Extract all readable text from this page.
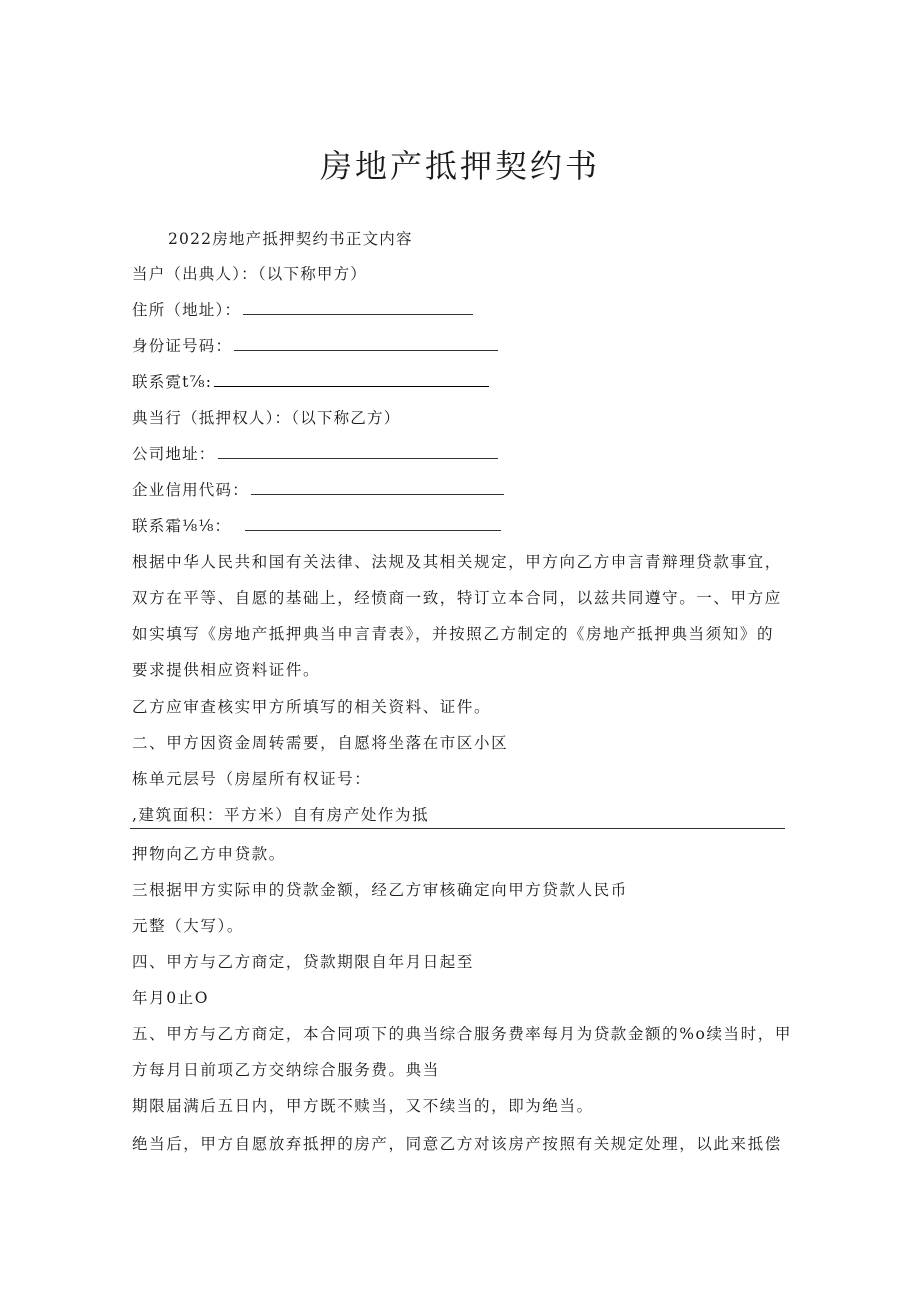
房地产抵押契约书
2022房地产抵押契约书正文内容
当户（出典人）：（以下称甲方）
住所（地址）：
身份证号码：
联系霓t⅞:
典当行（抵押权人）：（以下称乙方）
公司地址：
企业信用代码：
联系霜⅛⅛：
根据中华人民共和国有关法律、法规及其相关规定，甲方向乙方申言青辩理贷款事宜，
双方在平等、自愿的基础上，经愤商一致，特订立本合同，以兹共同遵守。一、甲方应
如实填写《房地产抵押典当申言青表》，并按照乙方制定的《房地产抵押典当须知》的
要求提供相应资料证件。
乙方应审查核实甲方所填写的相关资料、证件。
二、甲方因资金周转需要，自愿将坐落在市区小区
栋单元层号（房屋所有权证号：
,建筑面积：平方米）自有房产处作为抵
押物向乙方申贷款。
三根据甲方实际申的贷款金额，经乙方审核确定向甲方贷款人民币
元整（大写）。
四、甲方与乙方商定，贷款期限自年月日起至
年月0止O
五、甲方与乙方商定，本合同项下的典当综合服务费率每月为贷款金额的%o续当时，甲
方每月日前项乙方交纳综合服务费。典当
期限届满后五日内，甲方既不赎当，又不续当的，即为绝当。
绝当后，甲方自愿放弃抵押的房产，同意乙方对该房产按照有关规定处理，以此来抵偿
